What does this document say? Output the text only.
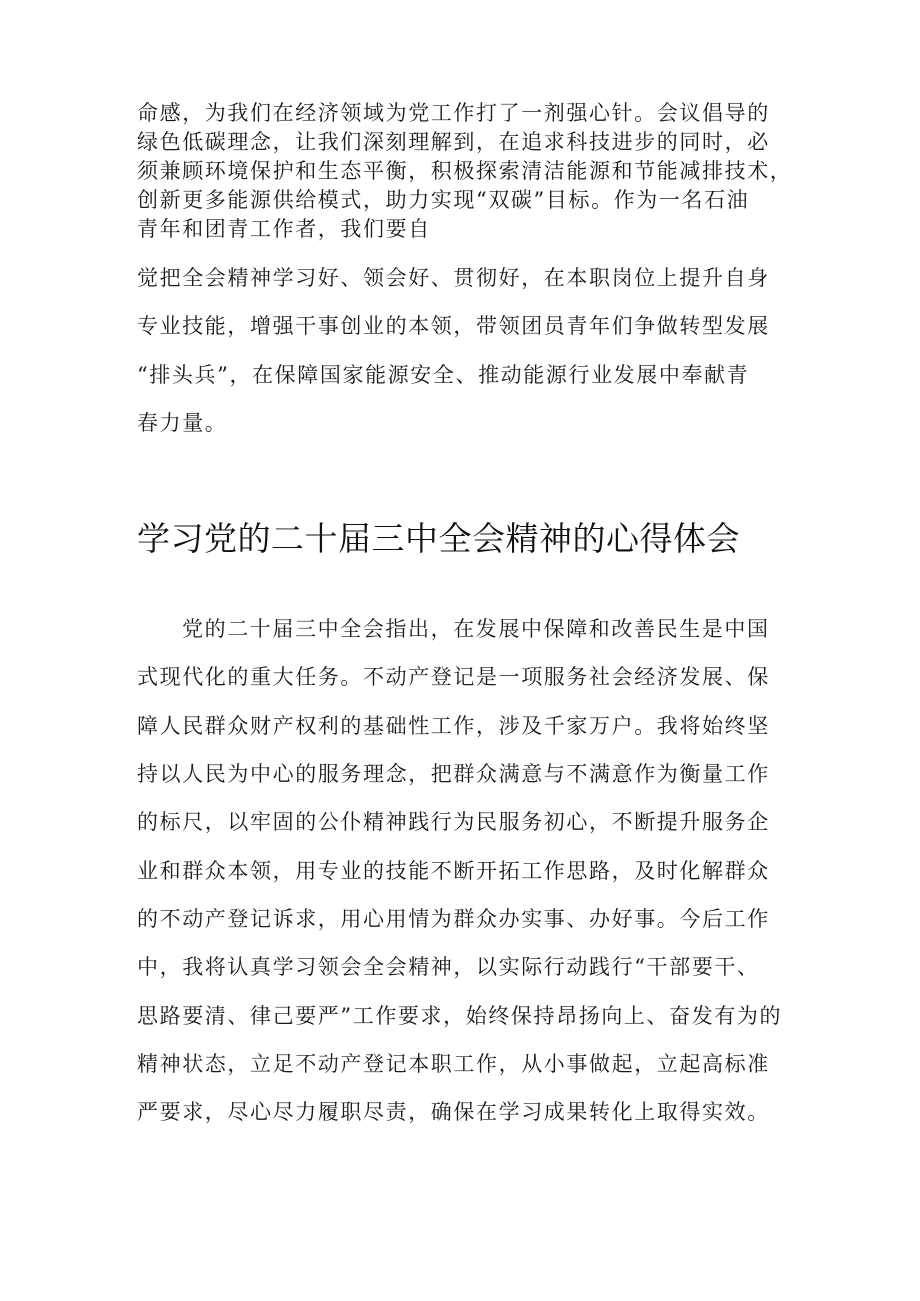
命感，为我们在经济领域为党工作打了一剂强心针。会议倡导的
绿色低碳理念，让我们深刻理解到，在追求科技进步的同时，必
须兼顾环境保护和生态平衡，积极探索清洁能源和节能减排技术，
创新更多能源供给模式，助力实现“双碳”目标。作为一名石油
青年和团青工作者，我们要自
觉把全会精神学习好、领会好、贯彻好，在本职岗位上提升自身
专业技能，增强干事创业的本领，带领团员青年们争做转型发展
“排头兵”，在保障国家能源安全、推动能源行业发展中奉献青
春力量。
学习党的二十届三中全会精神的心得体会
党的二十届三中全会指出，在发展中保障和改善民生是中国
式现代化的重大任务。不动产登记是一项服务社会经济发展、保
障人民群众财产权利的基础性工作，涉及千家万户。我将始终坚
持以人民为中心的服务理念，把群众满意与不满意作为衡量工作
的标尺，以牢固的公仆精神践行为民服务初心，不断提升服务企
业和群众本领，用专业的技能不断开拓工作思路，及时化解群众
的不动产登记诉求，用心用情为群众办实事、办好事。今后工作
中，我将认真学习领会全会精神，以实际行动践行“干部要干、
思路要清、律己要严”工作要求，始终保持昂扬向上、奋发有为的
精神状态，立足不动产登记本职工作，从小事做起，立起高标准
严要求，尽心尽力履职尽责，确保在学习成果转化上取得实效。
